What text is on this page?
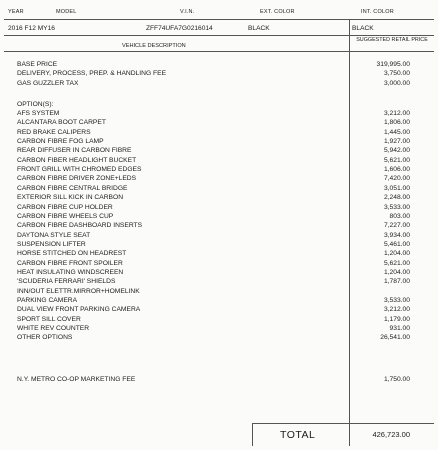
YEAR	MODEL	V.I.N.	EXT. COLOR	INT. COLOR
2016 F12 MY16	ZFF74UFA7G0216014	BLACK	BLACK
VEHICLE DESCRIPTION
SUGGESTED RETAIL PRICE
BASE PRICE	319,995.00
DELIVERY, PROCESS, PREP. & HANDLING FEE	3,750.00
GAS GUZZLER TAX	3,000.00
OPTION(S):
AFS SYSTEM	3,212.00
ALCANTARA BOOT CARPET	1,806.00
RED BRAKE CALIPERS	1,445.00
CARBON FIBRE FOG LAMP	1,927.00
REAR DIFFUSER IN CARBON FIBRE	5,942.00
CARBON FIBER HEADLIGHT BUCKET	5,621.00
FRONT GRILL WITH CHROMED EDGES	1,606.00
CARBON FIBRE DRIVER ZONE+LEDS	7,420.00
CARBON FIBRE CENTRAL BRIDGE	3,051.00
EXTERIOR SILL KICK IN CARBON	2,248.00
CARBON FIBRE CUP HOLDER	3,533.00
CARBON FIBRE WHEELS CUP	803.00
CARBON FIBRE DASHBOARD INSERTS	7,227.00
DAYTONA STYLE SEAT	3,934.00
SUSPENSION LIFTER	5,461.00
HORSE STITCHED ON HEADREST	1,204.00
CARBON FIBRE FRONT SPOILER	5,621.00
HEAT INSULATING WINDSCREEN	1,204.00
'SCUDERIA FERRARI' SHIELDS	1,787.00
INN/OUT ELETTR.MIRROR+HOMELINK
PARKING CAMERA	3,533.00
DUAL VIEW FRONT PARKING CAMERA	3,212.00
SPORT SILL COVER	1,179.00
WHITE REV COUNTER	931.00
OTHER OPTIONS	26,541.00
N.Y. METRO CO-OP MARKETING FEE	1,750.00
TOTAL	426,723.00
